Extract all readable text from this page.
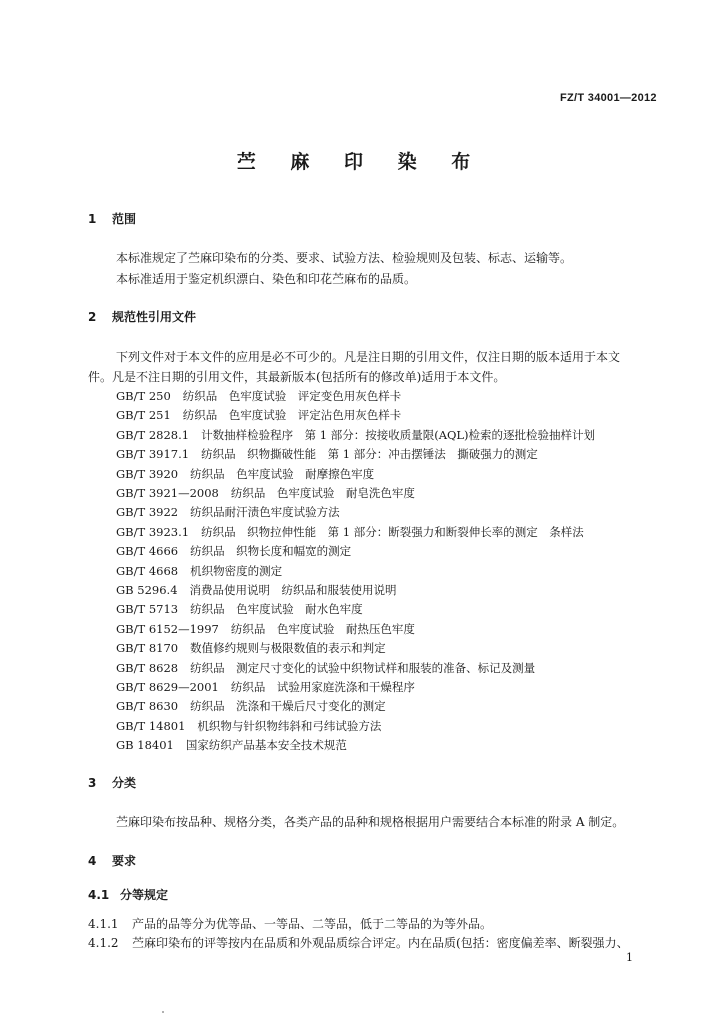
FZ/T 34001—2012
苎 麻 印 染 布
1 范围
本标准规定了苎麻印染布的分类、要求、试验方法、检验规则及包装、标志、运输等。
本标准适用于鉴定机织漂白、染色和印花苎麻布的品质。
2 规范性引用文件
下列文件对于本文件的应用是必不可少的。凡是注日期的引用文件，仅注日期的版本适用于本文
件。凡是不注日期的引用文件，其最新版本(包括所有的修改单)适用于本文件。
GB/T 250 纺织品　色牢度试验　评定变色用灰色样卡
GB/T 251 纺织品　色牢度试验　评定沾色用灰色样卡
GB/T 2828.1 计数抽样检验程序　第 1 部分：按接收质量限(AQL)检索的逐批检验抽样计划
GB/T 3917.1 纺织品　织物撕破性能　第 1 部分：冲击摆锤法　撕破强力的测定
GB/T 3920 纺织品　色牢度试验　耐摩擦色牢度
GB/T 3921—2008 纺织品　色牢度试验　耐皂洗色牢度
GB/T 3922 纺织品耐汗渍色牢度试验方法
GB/T 3923.1 纺织品　织物拉伸性能　第 1 部分：断裂强力和断裂伸长率的测定　条样法
GB/T 4666 纺织品　织物长度和幅宽的测定
GB/T 4668 机织物密度的测定
GB 5296.4 消费品使用说明　纺织品和服装使用说明
GB/T 5713 纺织品　色牢度试验　耐水色牢度
GB/T 6152—1997 纺织品　色牢度试验　耐热压色牢度
GB/T 8170 数值修约规则与极限数值的表示和判定
GB/T 8628 纺织品　测定尺寸变化的试验中织物试样和服装的准备、标记及测量
GB/T 8629—2001 纺织品　试验用家庭洗涤和干燥程序
GB/T 8630 纺织品　洗涤和干燥后尺寸变化的测定
GB/T 14801 机织物与针织物纬斜和弓纬试验方法
GB 18401 国家纺织产品基本安全技术规范
3 分类
苎麻印染布按品种、规格分类，各类产品的品种和规格根据用户需要结合本标准的附录 A 制定。
4 要求
4.1 分等规定
4.1.1 产品的品等分为优等品、一等品、二等品，低于二等品的为等外品。
4.1.2 苎麻印染布的评等按内在品质和外观品质综合评定。内在品质(包括：密度偏差率、断裂强力、
1
